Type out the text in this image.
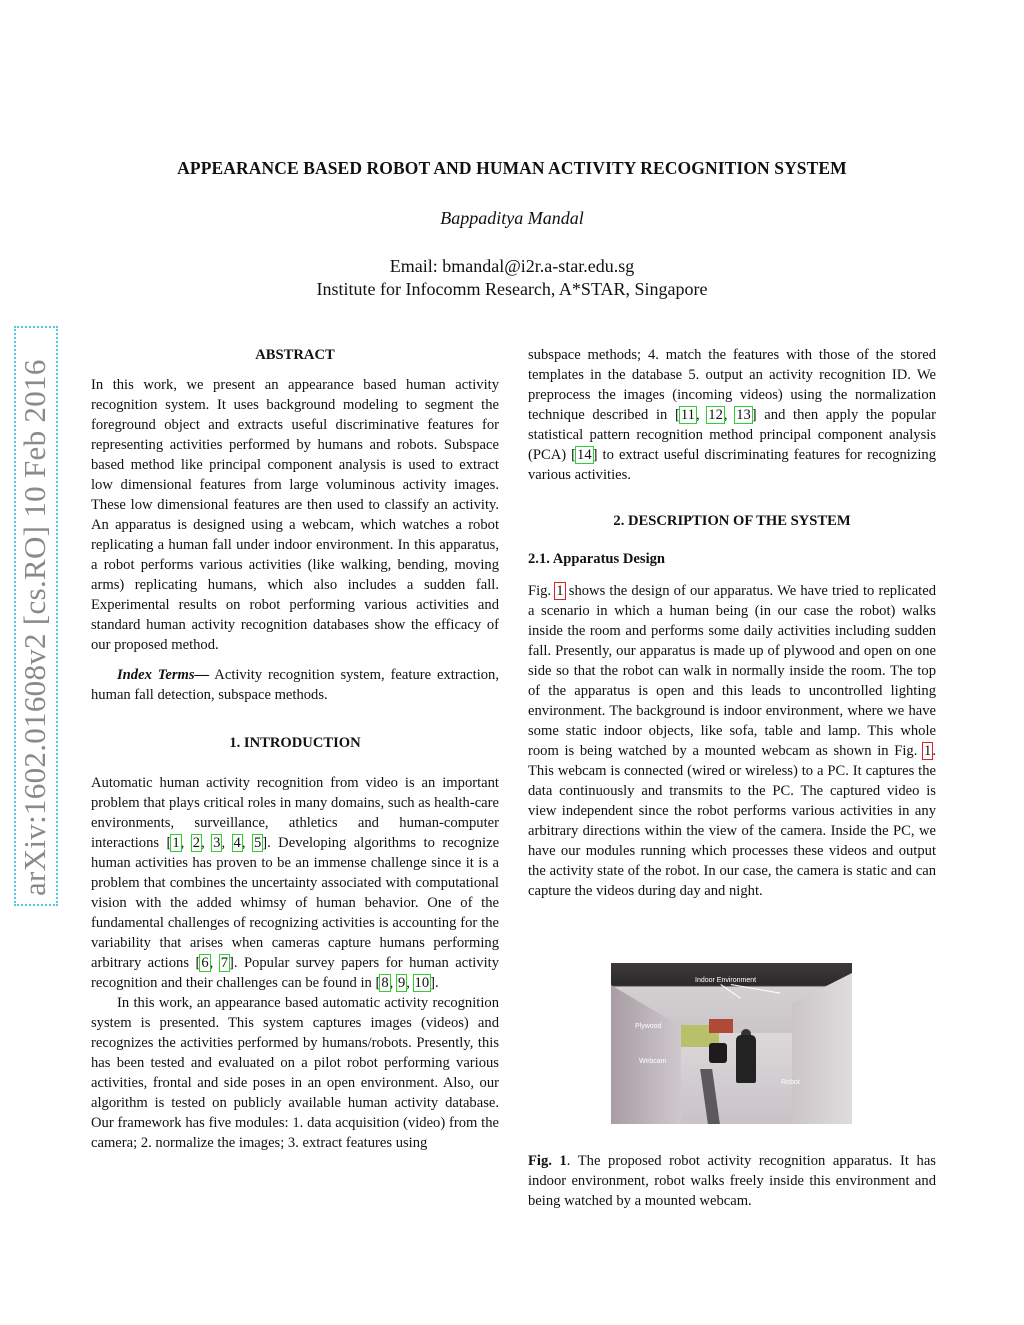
APPEARANCE BASED ROBOT AND HUMAN ACTIVITY RECOGNITION SYSTEM
Bappaditya Mandal
Email: bmandal@i2r.a-star.edu.sg
Institute for Infocomm Research, A*STAR, Singapore
arXiv:1602.01608v2 [cs.RO] 10 Feb 2016

ABSTRACT

In this work, we present an appearance based human activity recognition system. It uses background modeling to segment the foreground object and extracts useful discriminative features for representing activities performed by humans and robots. Subspace based method like principal component analysis is used to extract low dimensional features from large voluminous activity images. These low dimensional features are then used to classify an activity. An apparatus is designed using a webcam, which watches a robot replicating a human fall under indoor environment. In this apparatus, a robot performs various activities (like walking, bending, moving arms) replicating humans, which also includes a sudden fall. Experimental results on robot performing various activities and standard human activity recognition databases show the efficacy of our proposed method.

Index Terms— Activity recognition system, feature extraction, human fall detection, subspace methods.

1. INTRODUCTION

Automatic human activity recognition from video is an important problem that plays critical roles in many domains, such as health-care environments, surveillance, athletics and human-computer interactions [1, 2, 3, 4, 5]. Developing algorithms to recognize human activities has proven to be an immense challenge since it is a problem that combines the uncertainty associated with computational vision with the added whimsy of human behavior. One of the fundamental challenges of recognizing activities is accounting for the variability that arises when cameras capture humans performing arbitrary actions [6, 7]. Popular survey papers for human activity recognition and their challenges can be found in [8, 9, 10].

In this work, an appearance based automatic activity recognition system is presented. This system captures images (videos) and recognizes the activities performed by humans/robots. Presently, this has been tested and evaluated on a pilot robot performing various activities, frontal and side poses in an open environment. Also, our algorithm is tested on publicly available human activity database. Our framework has five modules: 1. data acquisition (video) from the camera; 2. normalize the images; 3. extract features using

subspace methods; 4. match the features with those of the stored templates in the database 5. output an activity recognition ID. We preprocess the images (incoming videos) using the normalization technique described in [11, 12, 13] and then apply the popular statistical pattern recognition method principal component analysis (PCA) [14] to extract useful discriminating features for recognizing various activities.

2. DESCRIPTION OF THE SYSTEM

2.1. Apparatus Design

Fig. 1 shows the design of our apparatus. We have tried to replicated a scenario in which a human being (in our case the robot) walks inside the room and performs some daily activities including sudden fall. Presently, our apparatus is made up of plywood and open on one side so that the robot can walk in normally inside the room. The top of the apparatus is open and this leads to uncontrolled lighting environment. The background is indoor environment, where we have some static indoor objects, like sofa, table and lamp. This whole room is being watched by a mounted webcam as shown in Fig. 1. This webcam is connected (wired or wireless) to a PC. It captures the data continuously and transmits to the PC. The captured video is view independent since the robot performs various activities in any arbitrary directions within the view of the camera. Inside the PC, we have our modules running which processes these videos and output the activity state of the robot. In our case, the camera is static and can capture the videos during day and night.

Indoor Environment
Plywood
Webcam
Robot
Fig. 1. The proposed robot activity recognition apparatus. It has indoor environment, robot walks freely inside this environment and being watched by a mounted webcam.
